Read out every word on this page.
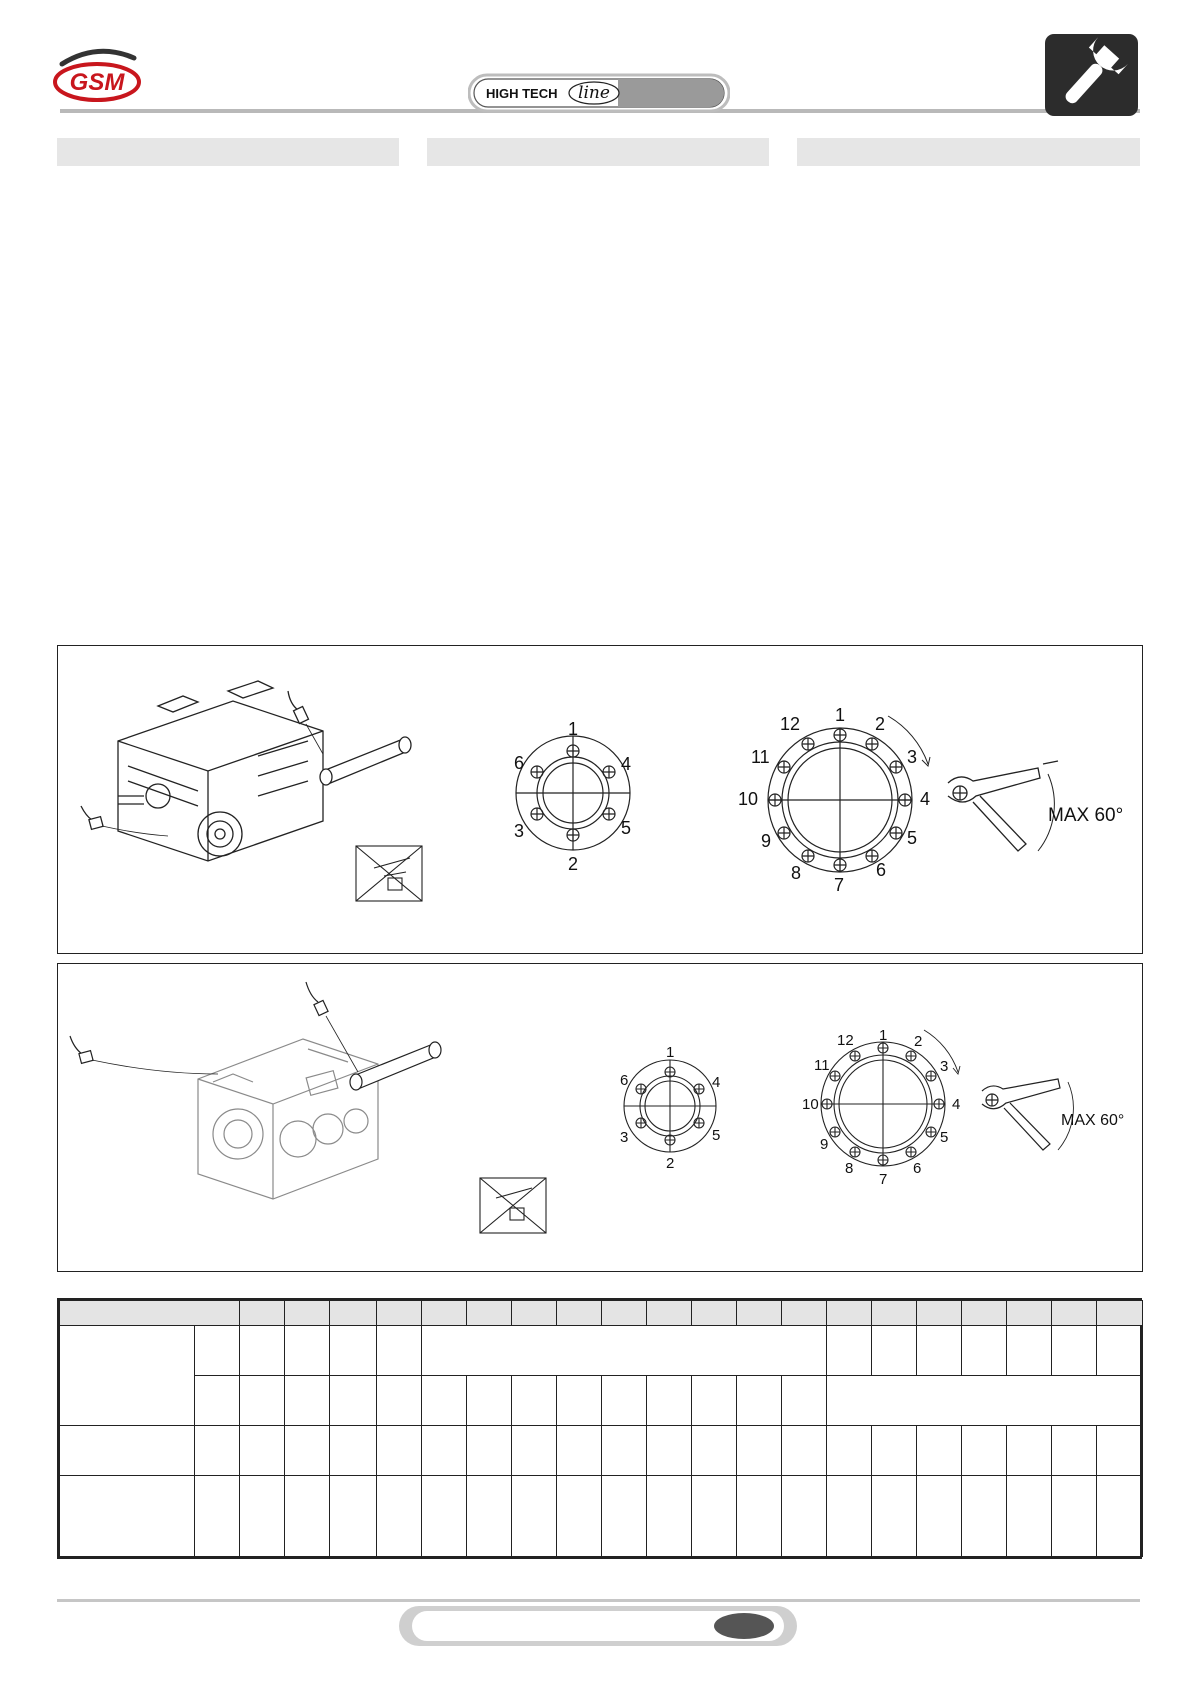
GSM	HIGH TECH line
1
2
3
4
5
6
1 2
3
4
5
6
7
8
9
10
11
12
MAX 60°
1
2
3
4
5
6
1 2
3
4
5
6
7
8
9
10
11
12
MAX 60°
